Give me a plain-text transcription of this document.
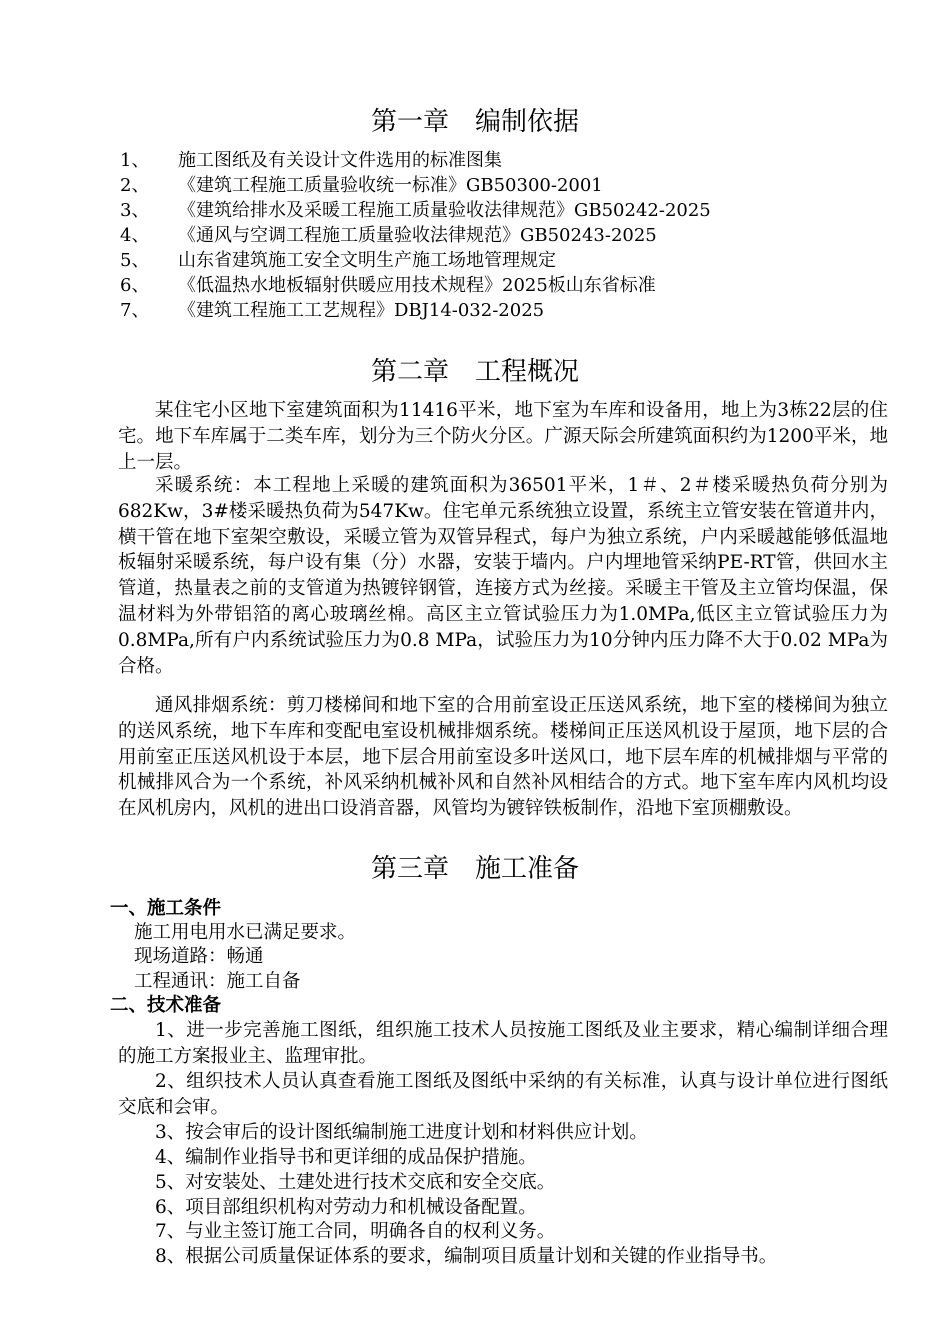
第一章　编制依据
1、 施工图纸及有关设计文件选用的标准图集
2、 《建筑工程施工质量验收统一标准》GB50300-2001
3、 《建筑给排水及采暖工程施工质量验收法律规范》GB50242-2025
4、 《通风与空调工程施工质量验收法律规范》GB50243-2025
5、 山东省建筑施工安全文明生产施工场地管理规定
6、 《低温热水地板辐射供暖应用技术规程》2025板山东省标准
7、 《建筑工程施工工艺规程》DBJ14-032-2025
第二章　工程概况

某住宅小区地下室建筑面积为11416平米，地下室为车库和设备用，地上为3栋22层的住宅。地下车库属于二类车库，划分为三个防火分区。广源天际会所建筑面积约为1200平米，地上一层。

采暖系统：本工程地上采暖的建筑面积为36501平米，1＃、2＃楼采暖热负荷分别为682Kw，3#楼采暖热负荷为547Kw。住宅单元系统独立设置，系统主立管安装在管道井内，横干管在地下室架空敷设，采暖立管为双管异程式，每户为独立系统，户内采暖越能够低温地板辐射采暖系统，每户设有集（分）水器，安装于墙内。户内埋地管采纳PE-RT管，供回水主管道，热量表之前的支管道为热镀锌钢管，连接方式为丝接。采暖主干管及主立管均保温，保温材料为外带铝箔的离心玻璃丝棉。高区主立管试验压力为1.0MPa,低区主立管试验压力为0.8MPa,所有户内系统试验压力为0.8 MPa，试验压力为10分钟内压力降不大于0.02 MPa为合格。

通风排烟系统：剪刀楼梯间和地下室的合用前室设正压送风系统，地下室的楼梯间为独立的送风系统，地下车库和变配电室设机械排烟系统。楼梯间正压送风机设于屋顶，地下层的合用前室正压送风机设于本层，地下层合用前室设多叶送风口，地下层车库的机械排烟与平常的机械排风合为一个系统，补风采纳机械补风和自然补风相结合的方式。地下室车库内风机均设在风机房内，风机的进出口设消音器，风管均为镀锌铁板制作，沿地下室顶棚敷设。

第三章　施工准备
一、施工条件
施工用电用水已满足要求。
现场道路：畅通
工程通讯：施工自备
二、技术准备

1、进一步完善施工图纸，组织施工技术人员按施工图纸及业主要求，精心编制详细合理的施工方案报业主、监理审批。

2、组织技术人员认真查看施工图纸及图纸中采纳的有关标准，认真与设计单位进行图纸交底和会审。

3、按会审后的设计图纸编制施工进度计划和材料供应计划。

4、编制作业指导书和更详细的成品保护措施。

5、对安装处、土建处进行技术交底和安全交底。

6、项目部组织机构对劳动力和机械设备配置。

7、与业主签订施工合同，明确各自的权利义务。

8、根据公司质量保证体系的要求，编制项目质量计划和关键的作业指导书。
